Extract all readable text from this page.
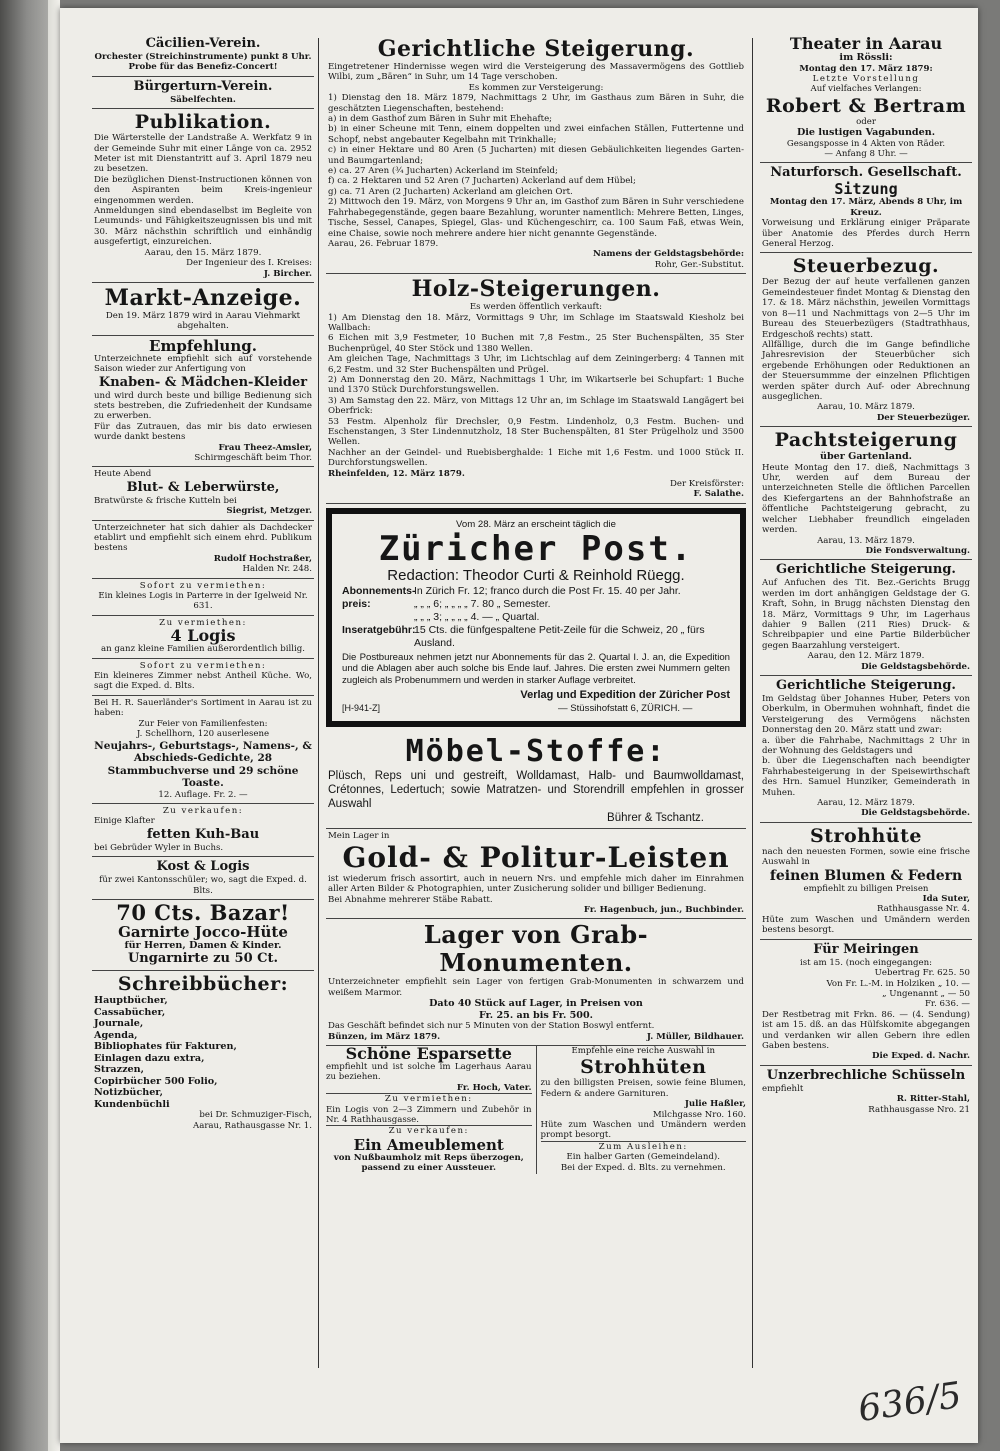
Cäcilien-Verein.

Orchester (Streichinstrumente) punkt 8 Uhr.

Probe für das Benefiz-Concert!

Bürgerturn-Verein.

Säbelfechten.

Publikation.

Die Wärterstelle der Landstraße A. Werkfatz 9 in der Gemeinde Suhr mit einer Länge von ca. 2952 Meter ist mit Dienstantritt auf 3. April 1879 neu zu besetzen.

Die bezüglichen Dienst-Instructionen können von den Aspiranten beim Kreis-ingenieur eingenommen werden.

Anmeldungen sind ebendaselbst im Begleite von Leumunds- und Fähigkeitszeugnissen bis und mit 30. März nächsthin schriftlich und einhändig ausgefertigt, einzureichen.

Aarau, den 15. März 1879.

Der Ingenieur des I. Kreises:

J. Bircher.

Markt-Anzeige.

Den 19. März 1879 wird in Aarau Viehmarkt abgehalten.

Empfehlung.

Unterzeichnete empfiehlt sich auf vorstehende Saison wieder zur Anfertigung von

Knaben- & Mädchen-Kleider

und wird durch beste und billige Bedienung sich stets bestreben, die Zufriedenheit der Kundsame zu erwerben.

Für das Zutrauen, das mir bis dato erwiesen wurde dankt bestens

Frau Theez-Amsler,

Schirmgeschäft beim Thor.

Heute Abend

Blut- & Leberwürste,

Bratwürste & frische Kutteln bei

Siegrist, Metzger.

Unterzeichneter hat sich dahier als Dachdecker etablirt und empfiehlt sich einem ehrd. Publikum bestens

Rudolf Hochstraßer,

Halden Nr. 248.

Sofort zu vermiethen:

Ein kleines Logis in Parterre in der Igelweid Nr. 631.

Zu vermiethen:

4 Logis

an ganz kleine Familien außerordentlich billig.

Sofort zu vermiethen:

Ein kleineres Zimmer nebst Antheil Küche. Wo, sagt die Exped. d. Blts.

Bei H. R. Sauerländer's Sortiment in Aarau ist zu haben:

Zur Feier von Familienfesten:

J. Schellhorn, 120 auserlesene

Neujahrs-, Geburtstags-, Namens-, & Abschieds-Gedichte, 28 Stammbuchverse und 29 schöne Toaste.

12. Auflage. Fr. 2. —

Zu verkaufen:

Einige Klafter

fetten Kuh-Bau

bei Gebrüder Wyler in Buchs.

Kost & Logis

für zwei Kantonsschüler; wo, sagt die Exped. d. Blts.

70 Cts. Bazar!
Garnirte Jocco-Hüte

für Herren, Damen & Kinder.

Ungarnirte zu 50 Ct.
Schreibbücher:

Hauptbücher,

Cassabücher,

Journale,

Agenda,

Bibliophates für Fakturen,

Einlagen dazu extra,

Strazzen,

Copirbücher 500 Folio,

Notizbücher,

Kundenbüchli

bei Dr. Schmuziger-Fisch,

Aarau, Rathausgasse Nr. 1.

Gerichtliche Steigerung.

Eingetretener Hindernisse wegen wird die Versteigerung des Massavermögens des Gottlieb Wilbi, zum „Bären“ in Suhr, um 14 Tage verschoben.

Es kommen zur Versteigerung:

1) Dienstag den 18. März 1879, Nachmittags 2 Uhr, im Gasthaus zum Bären in Suhr, die geschätzten Liegenschaften, bestehend:

a) in dem Gasthof zum Bären in Suhr mit Ehehafte;

b) in einer Scheune mit Tenn, einem doppelten und zwei einfachen Ställen, Futtertenne und Schopf, nebst angebauter Kegelbahn mit Trinkhalle;

c) in einer Hektare und 80 Aren (5 Jucharten) mit diesen Gebäulichkeiten liegendes Garten- und Baumgartenland;

e) ca. 27 Aren (¾ Jucharten) Ackerland im Steinfeld;

f) ca. 2 Hektaren und 52 Aren (7 Jucharten) Ackerland auf dem Hübel;

g) ca. 71 Aren (2 Jucharten) Ackerland am gleichen Ort.

2) Mittwoch den 19. März, von Morgens 9 Uhr an, im Gasthof zum Bären in Suhr verschiedene Fahrhabegegenstände, gegen baare Bezahlung, worunter namentlich: Mehrere Betten, Linges, Tische, Sessel, Canapes, Spiegel, Glas- und Küchengeschirr, ca. 100 Saum Faß, etwas Wein, eine Chaise, sowie noch mehrere andere hier nicht genannte Gegenstände.

Aarau, 26. Februar 1879.

Namens der Geldstagsbehörde:

Rohr, Ger.-Substitut.

Holz-Steigerungen.

Es werden öffentlich verkauft:

1) Am Dienstag den 18. März, Vormittags 9 Uhr, im Schlage im Staatswald Kiesholz bei Wallbach:

6 Eichen mit 3,9 Festmeter, 10 Buchen mit 7,8 Festm., 25 Ster Buchenspälten, 35 Ster Buchenprügel, 40 Ster Stöck und 1380 Wellen.

Am gleichen Tage, Nachmittags 3 Uhr, im Lichtschlag auf dem Zeiningerberg: 4 Tannen mit 6,2 Festm. und 32 Ster Buchenspälten und Prügel.

2) Am Donnerstag den 20. März, Nachmittags 1 Uhr, im Wikartserle bei Schupfart: 1 Buche und 1370 Stück Durchforstungswellen.

3) Am Samstag den 22. März, von Mittags 12 Uhr an, im Schlage im Staatswald Langägert bei Oberfrick:

53 Festm. Alpenholz für Drechsler, 0,9 Festm. Lindenholz, 0,3 Festm. Buchen- und Eschenstangen, 3 Ster Lindennutzholz, 18 Ster Buchenspälten, 81 Ster Prügelholz und 3500 Wellen.

Nachher an der Geindel- und Ruebisberghalde: 1 Eiche mit 1,6 Festm. und 1000 Stück II. Durchforstungswellen.

Rheinfelden, 12. März 1879.

Der Kreisförster:

F. Salathe.

Vom 28. März an erscheint täglich die

Züricher Post.
Redaction: Theodor Curti & Reinhold Rüegg.
Abonnements-preis:

In Zürich Fr. 12; franco durch die Post Fr. 15. 40 per Jahr.

„ „ „ 6; „ „ „ „ 7. 80 „ Semester.

„ „ „ 3; „ „ „ „ 4. — „ Quartal.

Inseratgebühr:
15 Cts. die fünfgespaltene Petit-Zeile für die Schweiz, 20 „ fürs Ausland.

Die Postbureaux nehmen jetzt nur Abonnements für das 2. Quartal I. J. an, die Expedition und die Ablagen aber auch solche bis Ende lauf. Jahres. Die ersten zwei Nummern gelten zugleich als Probenummern und werden in starker Auflage verbreitet.

[H-941-Z]
Verlag und Expedition der Züricher Post
— Stüssihofstatt 6, ZÜRICH. —
Möbel-Stoffe:

Plüsch, Reps uni und gestreift, Wolldamast, Halb- und Baumwolldamast, Crétonnes, Ledertuch; sowie Matratzen- und Storendrill empfehlen in grosser Auswahl

Bührer & Tschantz.

Mein Lager in

Gold- & Politur-Leisten

ist wiederum frisch assortirt, auch in neuern Nrs. und empfehle mich daher im Einrahmen aller Arten Bilder & Photographien, unter Zusicherung solider und billiger Bedienung.

Bei Abnahme mehrerer Stäbe Rabatt.

Fr. Hagenbuch, jun., Buchbinder.

Lager von Grab-Monumenten.

Unterzeichneter empfiehlt sein Lager von fertigen Grab-Monumenten in schwarzem und weißem Marmor.

Dato 40 Stück auf Lager, in Preisen von

Fr. 25. an bis Fr. 500.

Das Geschäft befindet sich nur 5 Minuten von der Station Boswyl entfernt.

Bünzen, im März 1879.	J. Müller, Bildhauer.
Schöne Esparsette

empfiehlt und ist solche im Lagerhaus Aarau zu beziehen.

Fr. Hoch, Vater.

Zu vermiethen:

Ein Logis von 2—3 Zimmern und Zubehör in Nr. 4 Rathhausgasse.

Zu verkaufen:

Ein Ameublement

von Nußbaumholz mit Reps überzogen, passend zu einer Aussteuer.

Empfehle eine reiche Auswahl in

Strohhüten

zu den billigsten Preisen, sowie feine Blumen, Federn & andere Garnituren.

Julie Haßler,

Milchgasse Nro. 160.

Hüte zum Waschen und Umändern werden prompt besorgt.

Zum Ausleihen:

Ein halber Garten (Gemeindeland).

Bei der Exped. d. Blts. zu vernehmen.

Theater in Aarau

im Rössli:

Montag den 17. März 1879:

Letzte Vorstellung

Auf vielfaches Verlangen:

Robert & Bertram

oder

Die lustigen Vagabunden.

Gesangsposse in 4 Akten von Räder.

— Anfang 8 Uhr. —

Naturforsch. Gesellschaft.
Sitzung

Montag den 17. März, Abends 8 Uhr, im Kreuz.

Vorweisung und Erklärung einiger Präparate über Anatomie des Pferdes durch Herrn General Herzog.

Steuerbezug.

Der Bezug der auf heute verfallenen ganzen Gemeindesteuer findet Montag & Dienstag den 17. & 18. März nächsthin, jeweilen Vormittags von 8—11 und Nachmittags von 2—5 Uhr im Bureau des Steuerbezügers (Stadtrathhaus, Erdgeschoß rechts) statt.

Allfällige, durch die im Gange befindliche Jahresrevision der Steuerbücher sich ergebende Erhöhungen oder Reduktionen an der Steuersummme der einzelnen Pflichtigen werden später durch Auf- oder Abrechnung ausgeglichen.

Aarau, 10. März 1879.

Der Steuerbezüger.

Pachtsteigerung

über Gartenland.

Heute Montag den 17. dieß, Nachmittags 3 Uhr, werden auf dem Bureau der unterzeichneten Stelle die öftlichen Parcellen des Kiefergartens an der Bahnhofstraße an öffentliche Pachtsteigerung gebracht, zu welcher Liebhaber freundlich eingeladen werden.

Aarau, 13. März 1879.

Die Fondsverwaltung.

Gerichtliche Steigerung.

Auf Anfuchen des Tit. Bez.-Gerichts Brugg werden im dort anhängigen Geldstage der G. Kraft, Sohn, in Brugg nächsten Dienstag den 18. März, Vormittags 9 Uhr, im Lagerhaus dahier 9 Ballen (211 Ries) Druck- & Schreibpapier und eine Partie Bilderbücher gegen Baarzahlung versteigert.

Aarau, den 12. März 1879.

Die Geldstagsbehörde.

Gerichtliche Steigerung.

Im Geldstag über Johannes Huber, Peters von Oberkulm, in Obermuhen wohnhaft, findet die Versteigerung des Vermögens nächsten Donnerstag den 20. März statt und zwar:

a. über die Fahrhabe, Nachmittags 2 Uhr in der Wohnung des Geldstagers und

b. über die Liegenschaften nach beendigter Fahrhabesteigerung in der Speisewirthschaft des Hrn. Samuel Hunziker, Gemeinderath in Muhen.

Aarau, 12. März 1879.

Die Geldstagsbehörde.

Strohhüte

nach den neuesten Formen, sowie eine frische Auswahl in

feinen Blumen & Federn

empfiehlt zu billigen Preisen

Ida Suter,

Rathhausgasse Nr. 4.

Hüte zum Waschen und Umändern werden bestens besorgt.

Für Meiringen

ist am 15. (noch eingegangen:

Uebertrag Fr. 625. 50

Von Fr. L.-M. in Holziken „ 10. —

„ Ungenannt „ — 50

Fr. 636. —

Der Restbetrag mit Frkn. 86. — (4. Sendung) ist am 15. dß. an das Hülfskomite abgegangen und verdanken wir allen Gebern ihre edlen Gaben bestens.

Die Exped. d. Nachr.

Unzerbrechliche Schüsseln

empfiehlt

R. Ritter-Stahl,

Rathhausgasse Nro. 21

636/5
